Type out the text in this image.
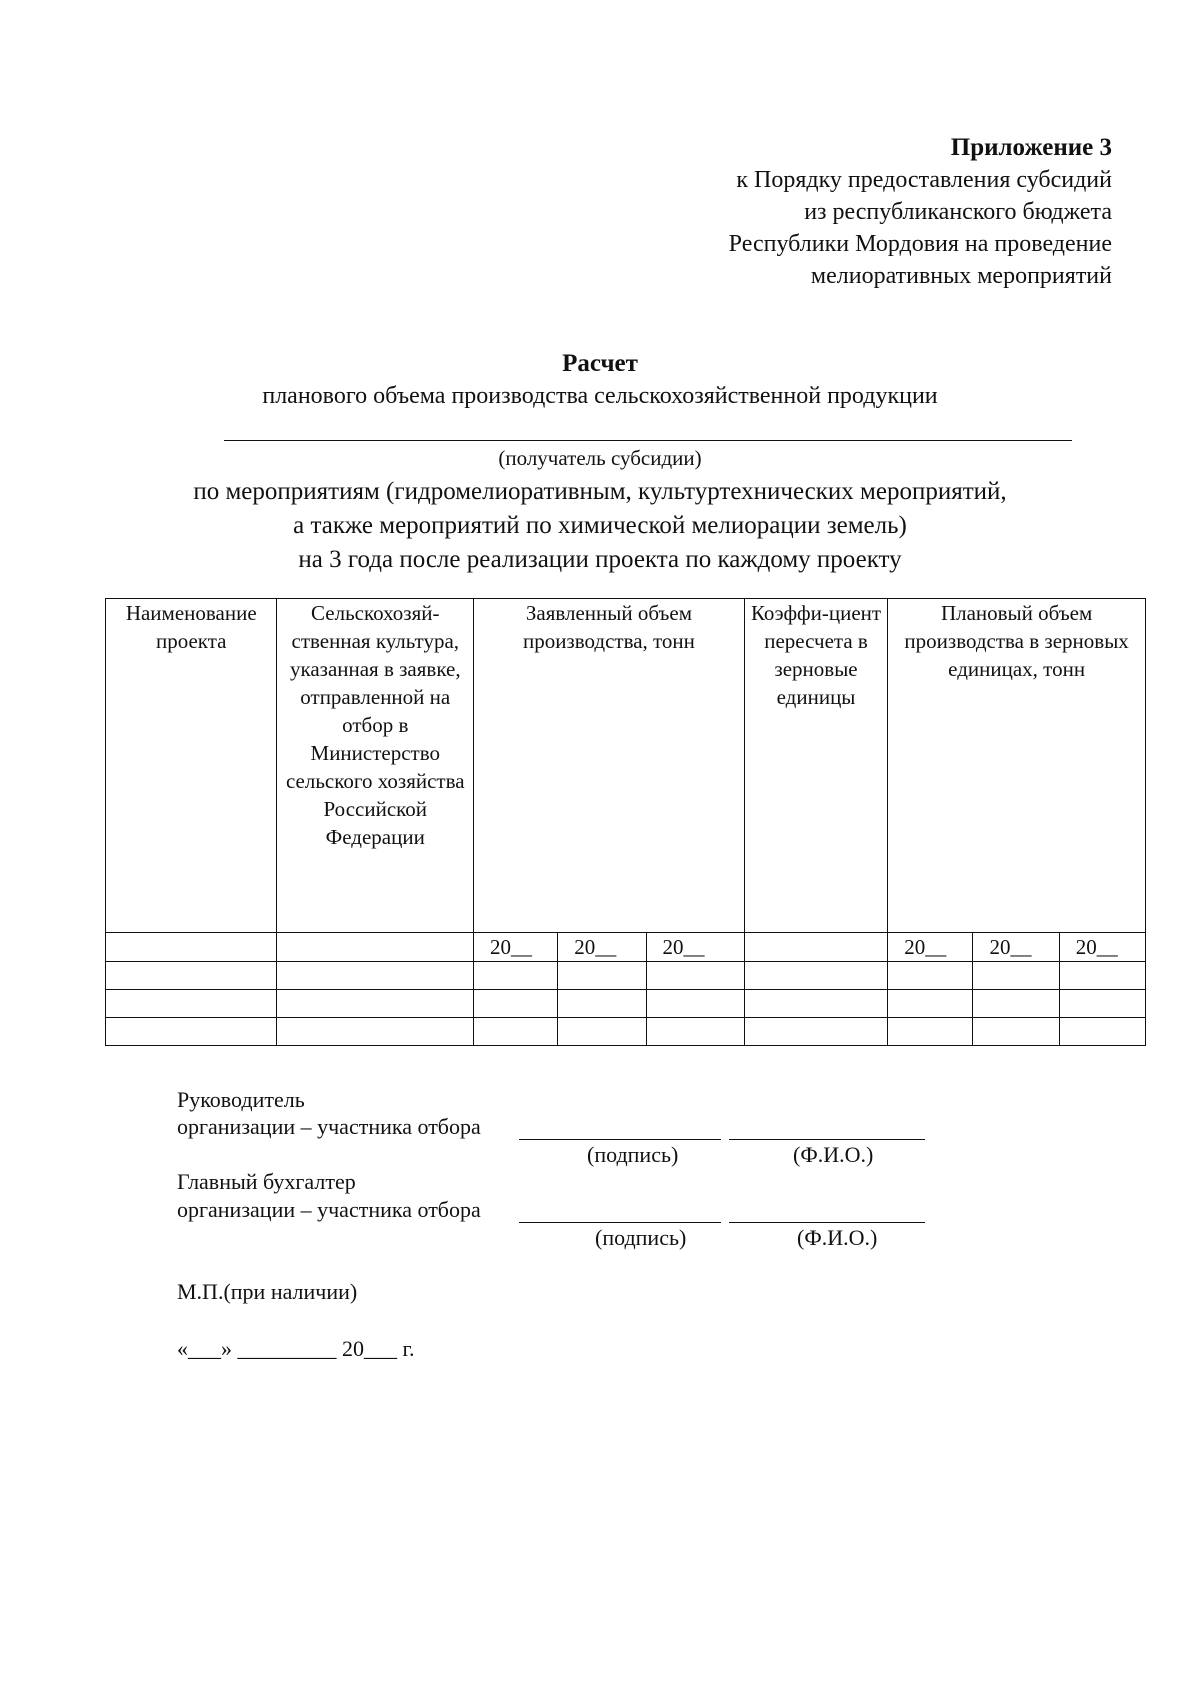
Приложение 3
к Порядку предоставления субсидий
из республиканского бюджета
Республики Мордовия на проведение
мелиоративных мероприятий
Расчет
планового объема производства сельскохозяйственной продукции
(получатель субсидии)
по мероприятиям (гидромелиоративным, культуртехнических мероприятий,
а также мероприятий по химической мелиорации земель)
на 3 года после реализации проекта по каждому проекту
Наименование проекта	Сельскохозяй-ственная культура, указанная в заявке, отправленной на отбор в Министерство сельского хозяйства Российской Федерации	Заявленный объем производства, тонн			Коэффи-циент пересчета в зерновые единицы	Плановый объем производства в зерновых единицах, тонн		
		20__	20__	20__		20__	20__	20__

Руководитель
организации – участника отбора
(подпись)	(Ф.И.О.)
Главный бухгалтер
организации – участника отбора
(подпись)	(Ф.И.О.)
М.П.(при наличии)
«___» _________ 20___ г.
